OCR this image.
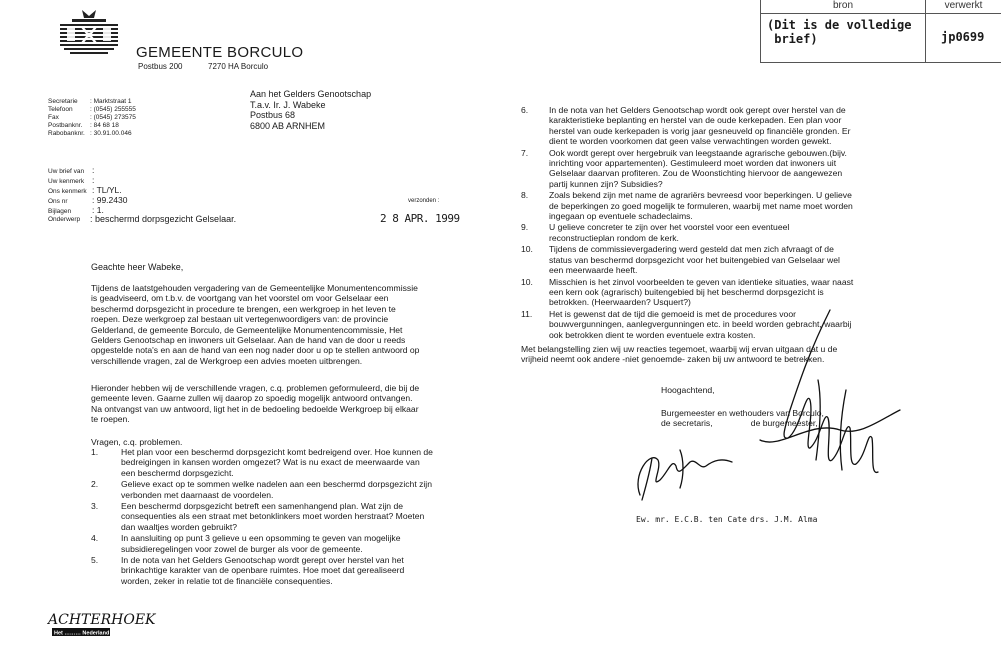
GEMEENTE BORCULO
Postbus 200	7270 HA Borculo
Secretarie	: Marktstraat 1
Telefoon	: (0545) 255555
Fax	: (0545) 273575
Postbanknr.	: 84 68 18
Rabobanknr. : 30.91.00.046
Aan het Gelders Genootschap
T.a.v. Ir. J. Wabeke
Postbus 68
6800 AB ARNHEM
Uw brief van :
Uw kenmerk :
Ons kenmerk : TL/YL.
Ons nr	: 99.2430
Bijlagen	: 1.
verzonden :
2 8 APR. 1999
Onderwerp : beschermd dorpsgezicht Gelselaar.
Geachte heer Wabeke,
Tijdens de laatstgehouden vergadering van de Gemeentelijke Monumentencommissie is geadviseerd, om t.b.v. de voortgang van het voorstel om voor Gelselaar een beschermd dorpsgezicht in procedure te brengen, een werkgroep in het leven te roepen. Deze werkgroep zal bestaan uit vertegenwoordigers van: de provincie Gelderland, de gemeente Borculo, de Gemeentelijke Monumentencommissie, Het Gelders Genootschap en inwoners uit Gelselaar. Aan de hand van de door u reeds opgestelde nota's en aan de hand van een nog nader door u op te stellen antwoord op verschillende vragen, zal de Werkgroep een advies moeten uitbrengen.
Hieronder hebben wij de verschillende vragen, c.q. problemen geformuleerd, die bij de gemeente leven. Gaarne zullen wij daarop zo spoedig mogelijk antwoord ontvangen. Na ontvangst van uw antwoord, ligt het in de bedoeling bedoelde Werkgroep bij elkaar te roepen.
Vragen, c.q. problemen.
1.	Het plan voor een beschermd dorpsgezicht komt bedreigend over. Hoe kunnen de bedreigingen in kansen worden omgezet? Wat is nu exact de meerwaarde van een beschermd dorpsgezicht.
2.	Gelieve exact op te sommen welke nadelen aan een beschermd dorpsgezicht zijn verbonden met daarnaast de voordelen.
3.	Een beschermd dorpsgezicht betreft een samenhangend plan. Wat zijn de consequenties als een straat met betonklinkers moet worden herstraat? Moeten dan waaltjes worden gebruikt?
4.	In aansluiting op punt 3 gelieve u een opsomming te geven van mogelijke subsidieregelingen voor zowel de burger als voor de gemeente.
5.	In de nota van het Gelders Genootschap wordt gerept over herstel van het brinkachtige karakter van de openbare ruimtes. Hoe moet dat gerealiseerd worden, zeker in relatie tot de financiële consequenties.
6.	In de nota van het Gelders Genootschap wordt ook gerept over herstel van de karakteristieke beplanting en herstel van de oude kerkepaden. Een plan voor herstel van oude kerkepaden is vorig jaar gesneuveld op financiële gronden. Er dient te worden voorkomen dat geen valse verwachtingen worden gewekt.
7.	Ook wordt gerept over hergebruik van leegstaande agrarische gebouwen.(bijv. inrichting voor appartementen). Gestimuleerd moet worden dat inwoners uit Gelselaar daarvan profiteren. Zou de Woonstichting hiervoor de aangewezen partij kunnen zijn? Subsidies?
8.	Zoals bekend zijn met name de agrariërs bevreesd voor beperkingen. U gelieve de beperkingen zo goed mogelijk te formuleren, waarbij met name moet worden ingegaan op eventuele schadeclaims.
9.	U gelieve concreter te zijn over het voorstel voor een eventueel reconstructieplan rondom de kerk.
10.	Tijdens de commissievergadering werd gesteld dat men zich afvraagt of de status van beschermd dorpsgezicht voor het buitengebied van Gelselaar wel een meerwaarde heeft.
10.	Misschien is het zinvol voorbeelden te geven van identieke situaties, waar naast een kern ook (agrarisch) buitengebied bij het beschermd dorpsgezicht is betrokken. (Heerwaarden? Usquert?)
11.	Het is gewenst dat de tijd die gemoeid is met de procedures voor bouwvergunningen, aanlegvergunningen etc. in beeld worden gebracht, waarbij ook betrokken dient te worden eventuele extra kosten.
Met belangstelling zien wij uw reacties tegemoet, waarbij wij ervan uitgaan dat u de vrijheid neemt ook andere -niet genoemde- zaken bij uw antwoord te betrekken.
Hoogachtend,
Burgemeester en wethouders van Borculo,
de secretaris,                de burgemeester,
Ew. mr. E.C.B. ten Cate drs. J.M. Alma
bron	verwerkt
(Dit is de volledige
brief)	jp0699
ACHTERHOEK
Het ……… Nederland
